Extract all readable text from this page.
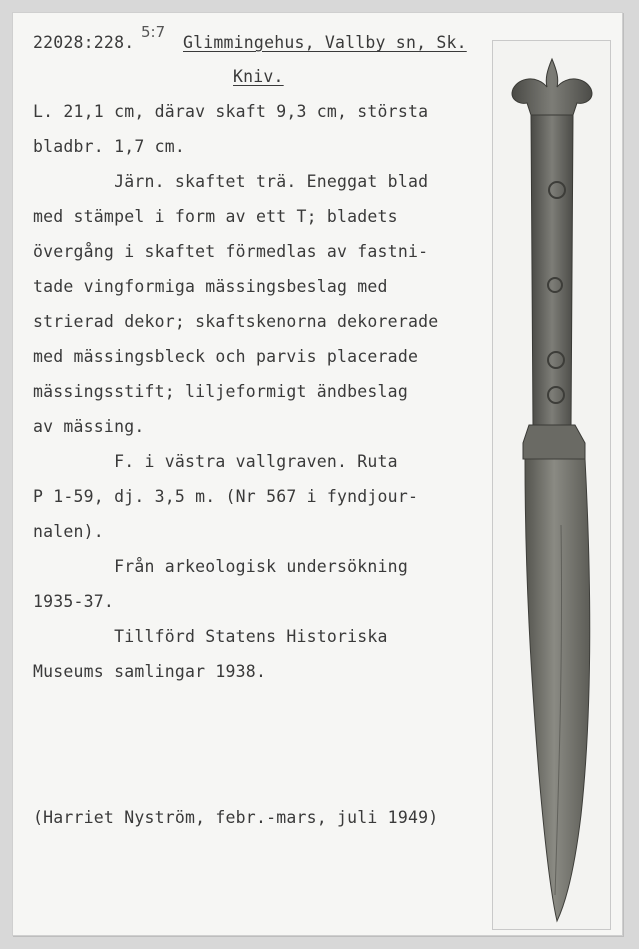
22028:228.
5:7
Glimmingehus, Vallby sn, Sk.
Kniv.
L. 21,1 cm, därav skaft 9,3 cm, största
bladbr. 1,7 cm.
Järn. skaftet trä. Eneggat blad
med stämpel i form av ett T; bladets
övergång i skaftet förmedlas av fastni-
tade vingformiga mässingsbeslag med
strierad dekor; skaftskenorna dekorerade
med mässingsbleck och parvis placerade
mässingsstift; liljeformigt ändbeslag
av mässing.
F. i västra vallgraven. Ruta
P 1-59, dj. 3,5 m. (Nr 567 i fyndjour-
nalen).
Från arkeologisk undersökning
1935-37.
Tillförd Statens Historiska
Museums samlingar 1938.
(Harriet Nyström, febr.-mars, juli 1949)
